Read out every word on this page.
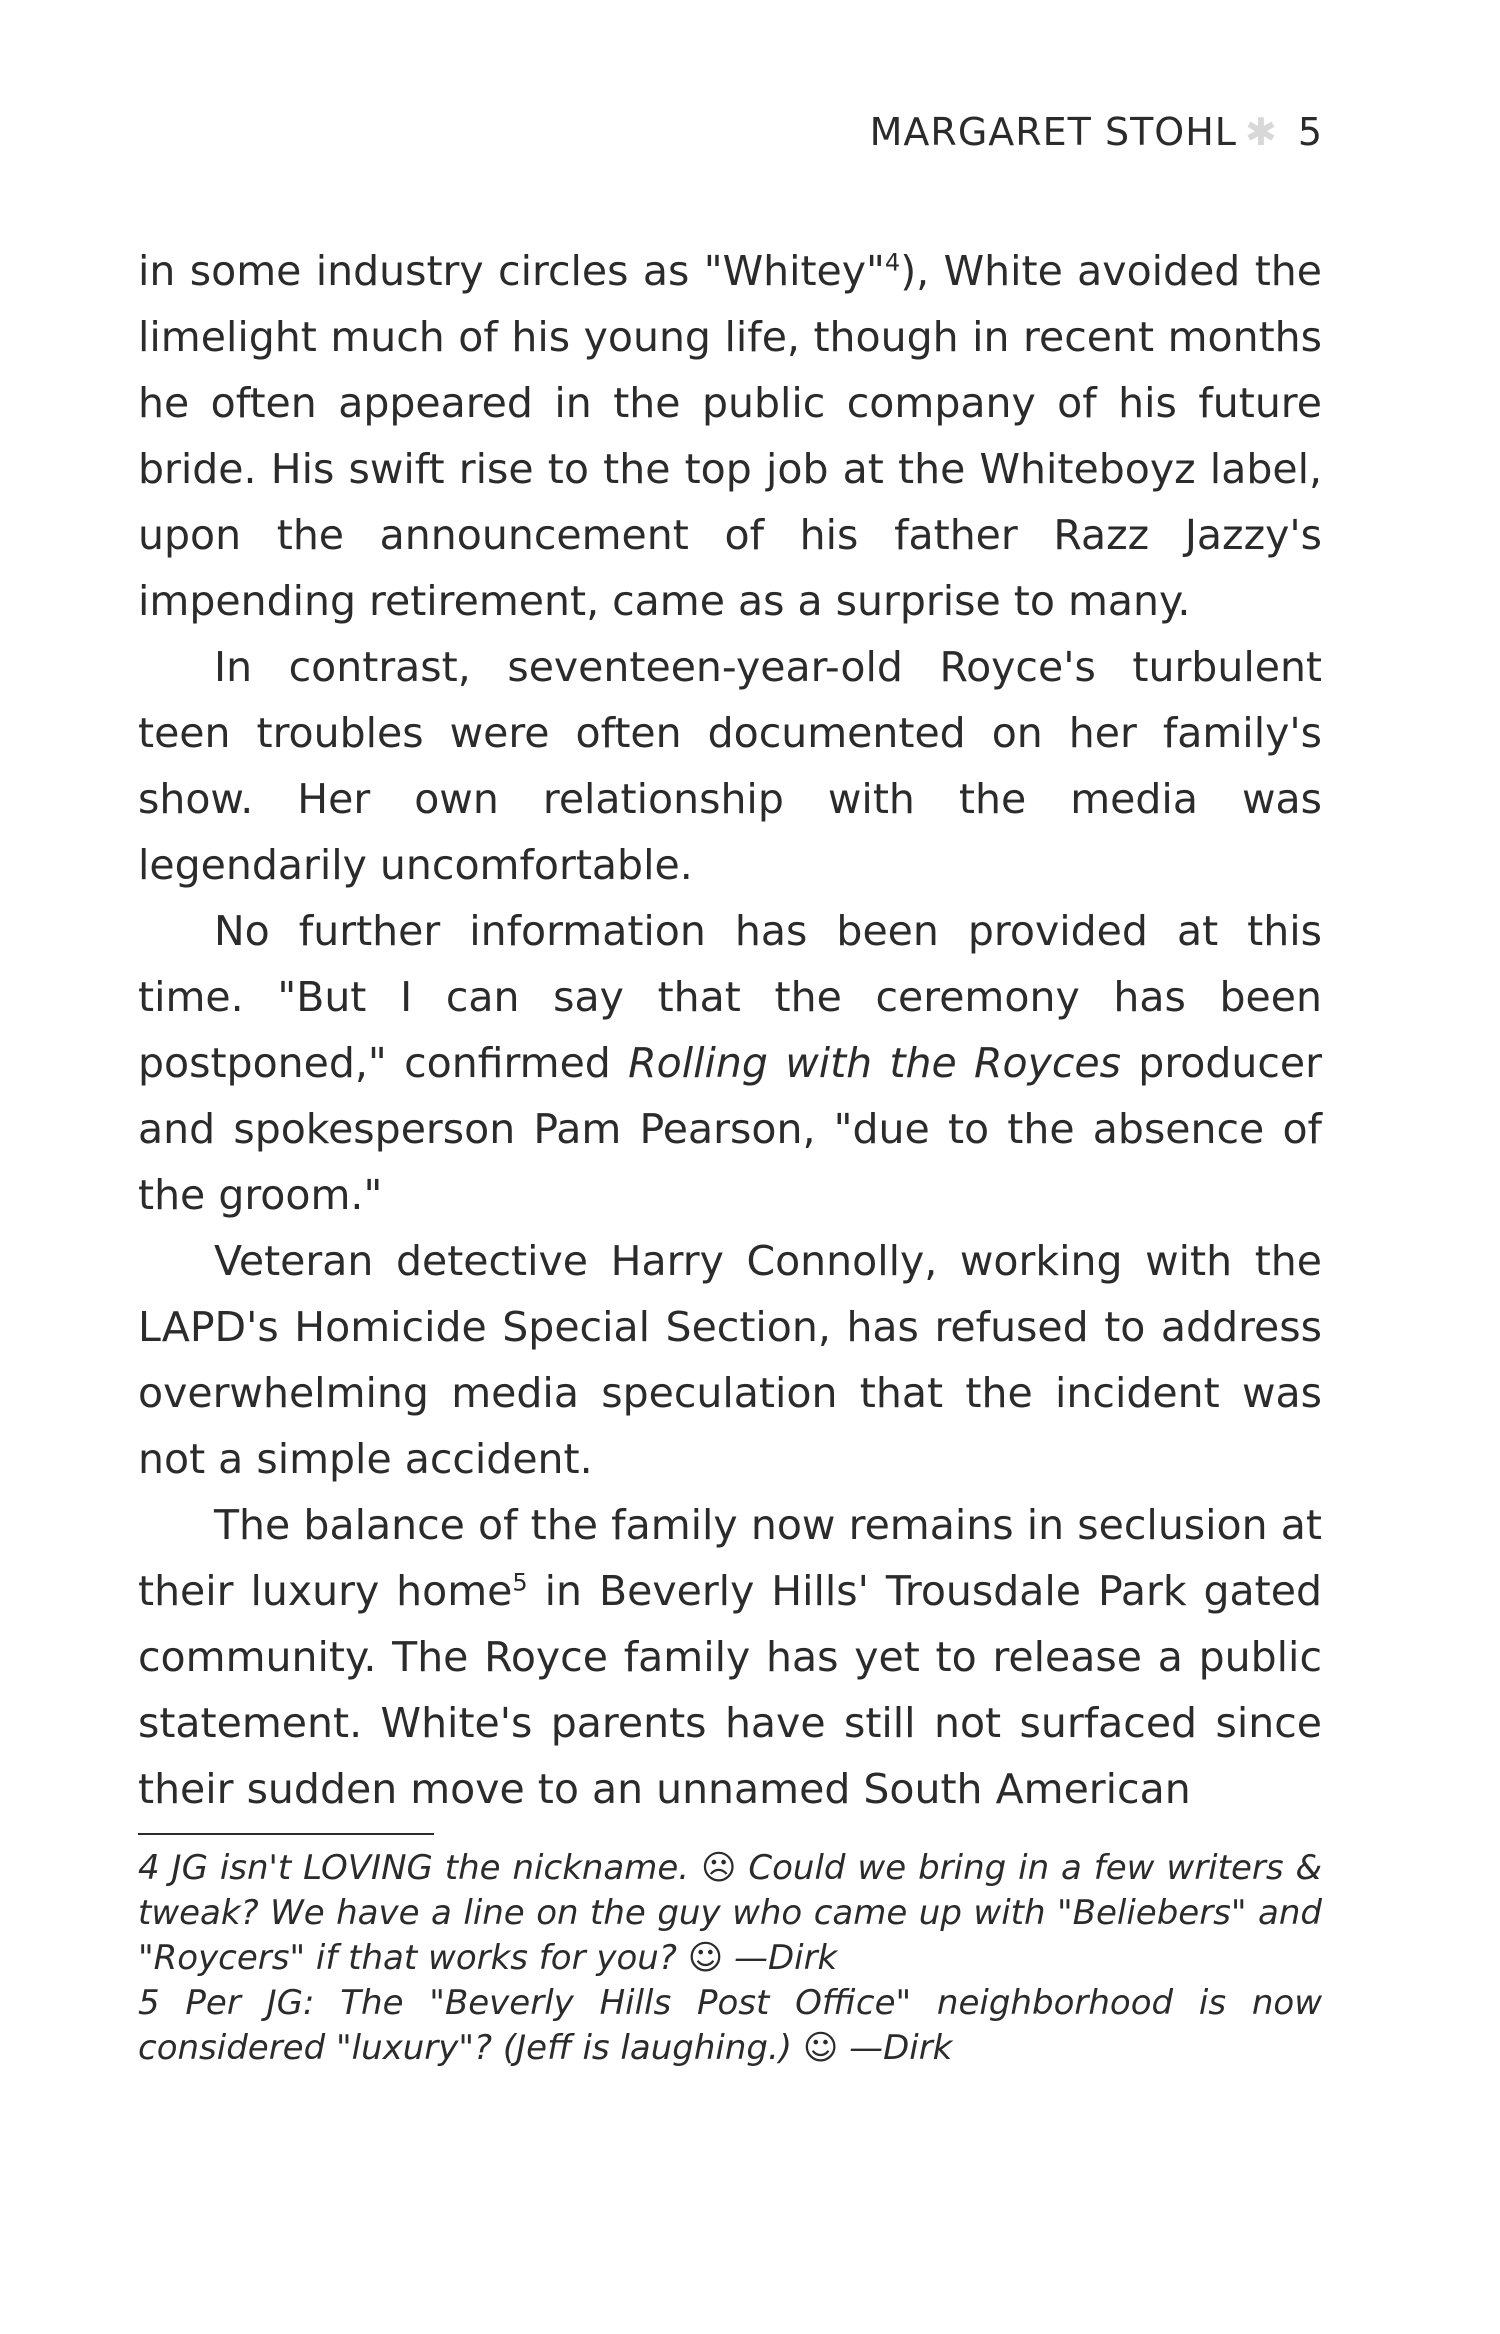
MARGARET STOHL ✱ 5

in some industry circles as "Whitey"$^4$), White avoided the limelight much of his young life, though in recent months he often appeared in the public company of his future bride. His swift rise to the top job at the Whiteboyz label, upon the announcement of his father Razz Jazzy's impending retirement, came as a surprise to many.

In contrast, seventeen-year-old Royce's turbulent teen troubles were often documented on her family's show. Her own relationship with the media was legendarily uncomfortable.

No further information has been provided at this time. "But I can say that the ceremony has been postponed," confirmed Rolling with the Royces producer and spokesperson Pam Pearson, "due to the absence of the groom."

Veteran detective Harry Connolly, working with the LAPD's Homicide Special Section, has refused to address overwhelming media speculation that the incident was not a simple accident.

The balance of the family now remains in seclusion at their luxury home$^5$ in Beverly Hills' Trousdale Park gated community. The Royce family has yet to release a public statement. White's parents have still not surfaced since their sudden move to an unnamed South American

4 JG isn't LOVING the nickname. ☹ Could we bring in a few writers & tweak? We have a line on the guy who came up with "Beliebers" and "Roycers" if that works for you? ☺ —Dirk

5 Per JG: The "Beverly Hills Post Office" neighborhood is now considered "luxury"? (Jeff is laughing.) ☺ —Dirk
